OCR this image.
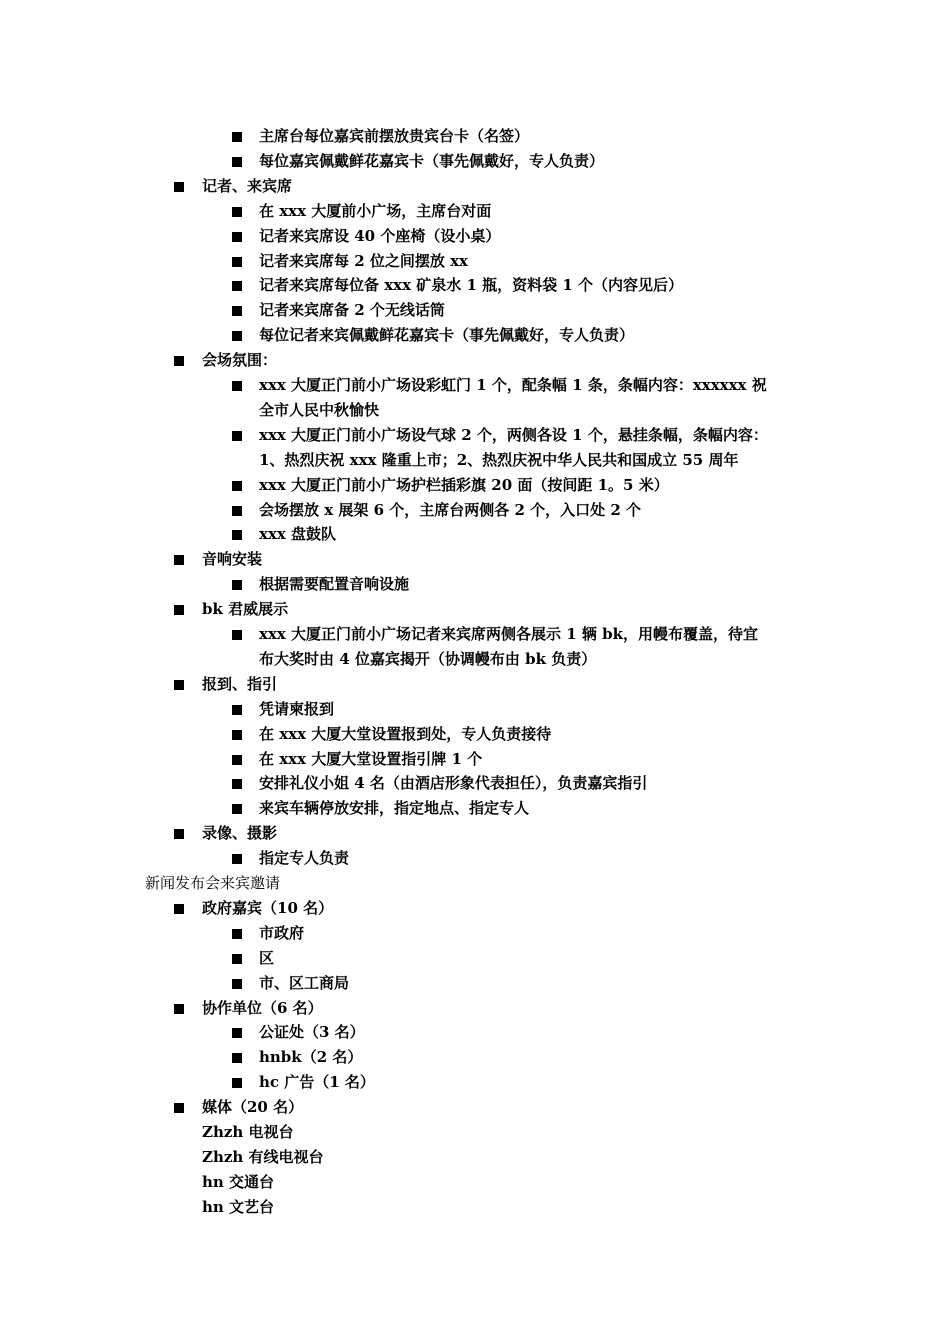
主席台每位嘉宾前摆放贵宾台卡（名签）
每位嘉宾佩戴鲜花嘉宾卡（事先佩戴好，专人负责）
记者、来宾席
在 xxx 大厦前小广场，主席台对面
记者来宾席设 40 个座椅（设小桌）
记者来宾席每 2 位之间摆放 xx
记者来宾席每位备 xxx 矿泉水 1 瓶，资料袋 1 个（内容见后）
记者来宾席备 2 个无线话筒
每位记者来宾佩戴鲜花嘉宾卡（事先佩戴好，专人负责）
会场氛围：
xxx 大厦正门前小广场设彩虹门 1 个，配条幅 1 条，条幅内容：xxxxxx 祝
全市人民中秋愉快
xxx 大厦正门前小广场设气球 2 个，两侧各设 1 个，悬挂条幅，条幅内容：
1、热烈庆祝 xxx 隆重上市；2、热烈庆祝中华人民共和国成立 55 周年
xxx 大厦正门前小广场护栏插彩旗 20 面（按间距 1。5 米）
会场摆放 x 展架 6 个，主席台两侧各 2 个，入口处 2 个
xxx 盘鼓队
音响安装
根据需要配置音响设施
bk 君威展示
xxx 大厦正门前小广场记者来宾席两侧各展示 1 辆 bk，用幔布覆盖，待宜
布大奖时由 4 位嘉宾揭开（协调幔布由 bk 负责）
报到、指引
凭请柬报到
在 xxx 大厦大堂设置报到处，专人负责接待
在 xxx 大厦大堂设置指引牌 1 个
安排礼仪小姐 4 名（由酒店形象代表担任），负责嘉宾指引
来宾车辆停放安排，指定地点、指定专人
录像、摄影
指定专人负责
新闻发布会来宾邀请
政府嘉宾（10 名）
市政府
区
市、区工商局
协作单位（6 名）
公证处（3 名）
hnbk（2 名）
hc 广告（1 名）
媒体（20 名）
Zhzh 电视台
Zhzh 有线电视台
hn 交通台
hn 文艺台
